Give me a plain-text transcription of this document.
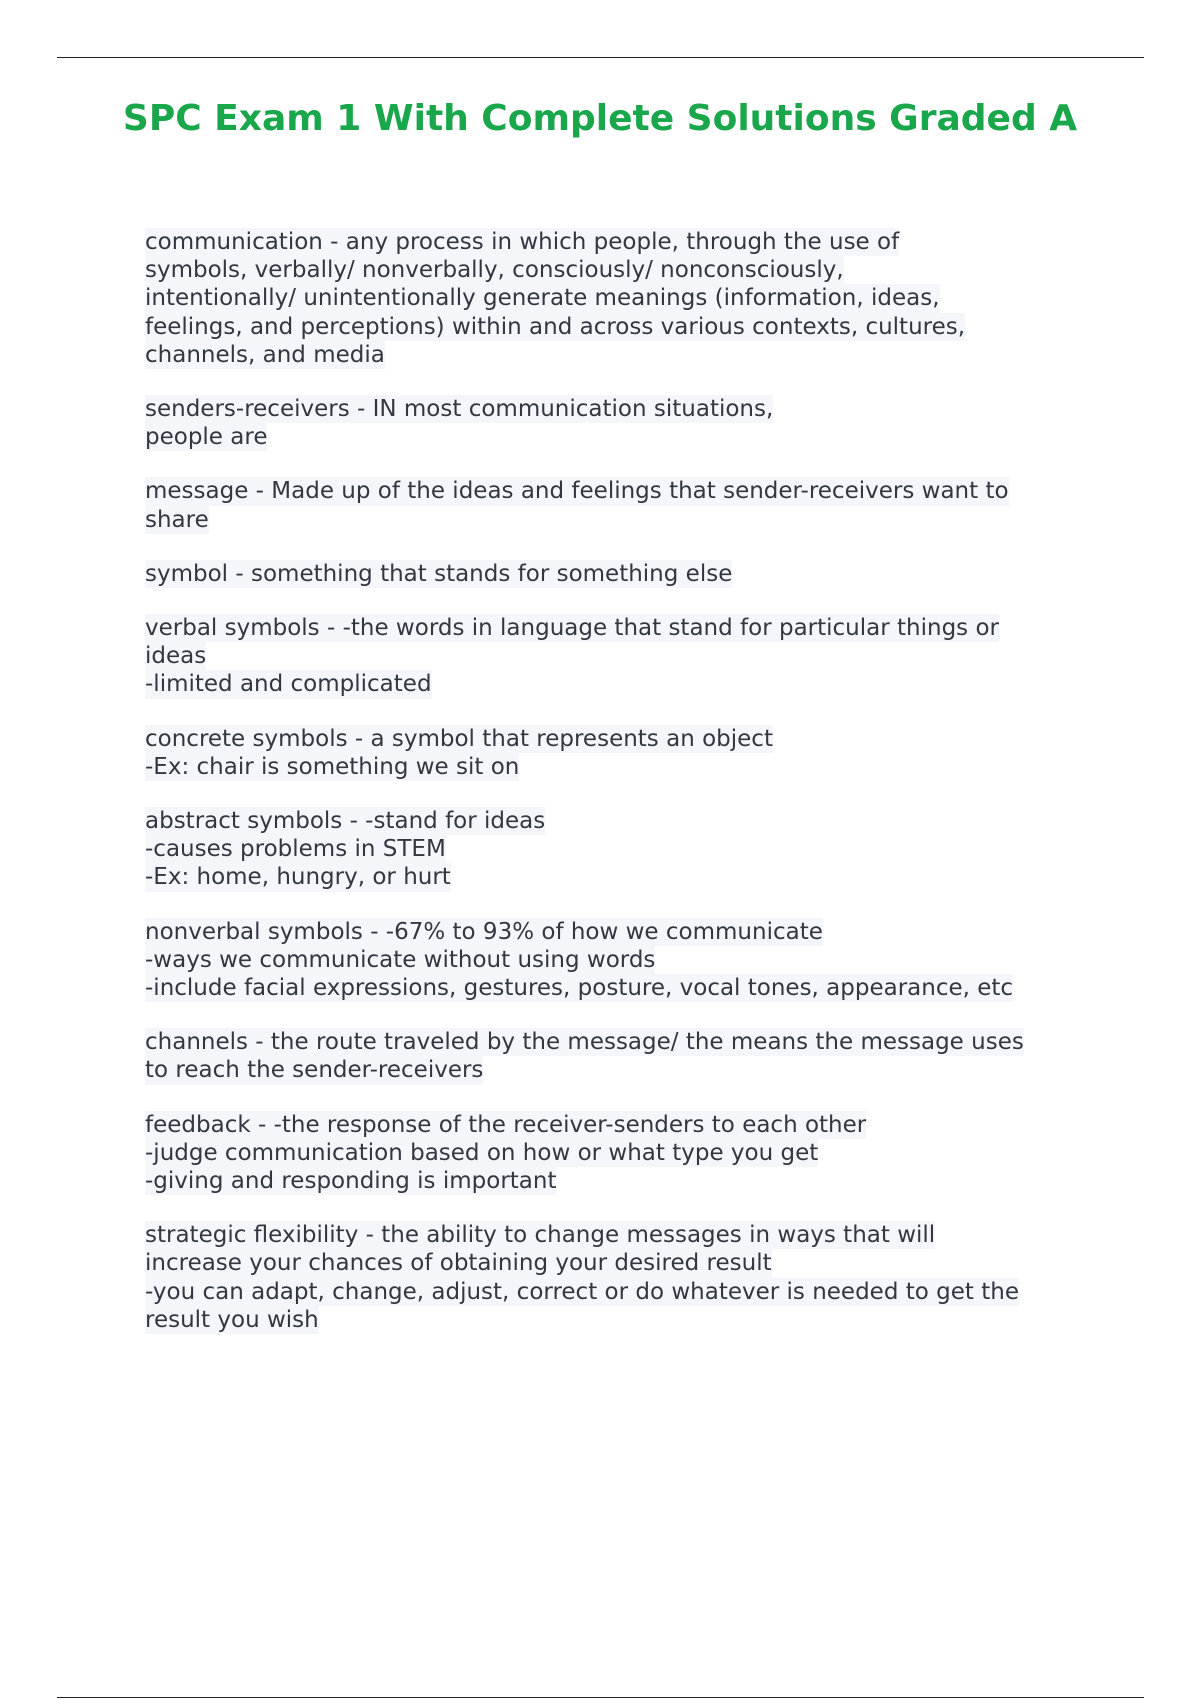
SPC Exam 1 With Complete Solutions Graded A
communication - any process in which people, through the use of
symbols, verbally/ nonverbally, consciously/ nonconsciously,
intentionally/ unintentionally generate meanings (information, ideas,
feelings, and perceptions) within and across various contexts, cultures,
channels, and media
senders-receivers - IN most communication situations,
people are
message - Made up of the ideas and feelings that sender-receivers want to
share
symbol - something that stands for something else
verbal symbols - -the words in language that stand for particular things or
ideas
-limited and complicated
concrete symbols - a symbol that represents an object
-Ex: chair is something we sit on
abstract symbols - -stand for ideas
-causes problems in STEM
-Ex: home, hungry, or hurt
nonverbal symbols - -67% to 93% of how we communicate
-ways we communicate without using words
-include facial expressions, gestures, posture, vocal tones, appearance, etc
channels - the route traveled by the message/ the means the message uses
to reach the sender-receivers
feedback - -the response of the receiver-senders to each other
-judge communication based on how or what type you get
-giving and responding is important
strategic flexibility - the ability to change messages in ways that will
increase your chances of obtaining your desired result
-you can adapt, change, adjust, correct or do whatever is needed to get the
result you wish
